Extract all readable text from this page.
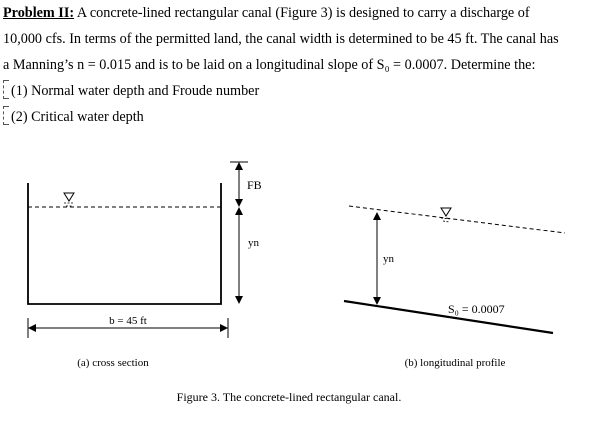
Problem II: A concrete-lined rectangular canal (Figure 3) is designed to carry a discharge of
10,000 cfs. In terms of the permitted land, the canal width is determined to be 45 ft. The canal has
a Manning’s n = 0.015 and is to be laid on a longitudinal slope of S₀ = 0.0007. Determine the:
(1) Normal water depth and Froude number
(2) Critical water depth
FB
yn
b = 45 ft
(a) cross section
yn
S₀ = 0.0007
(b) longitudinal profile
Figure 3. The concrete-lined rectangular canal.
